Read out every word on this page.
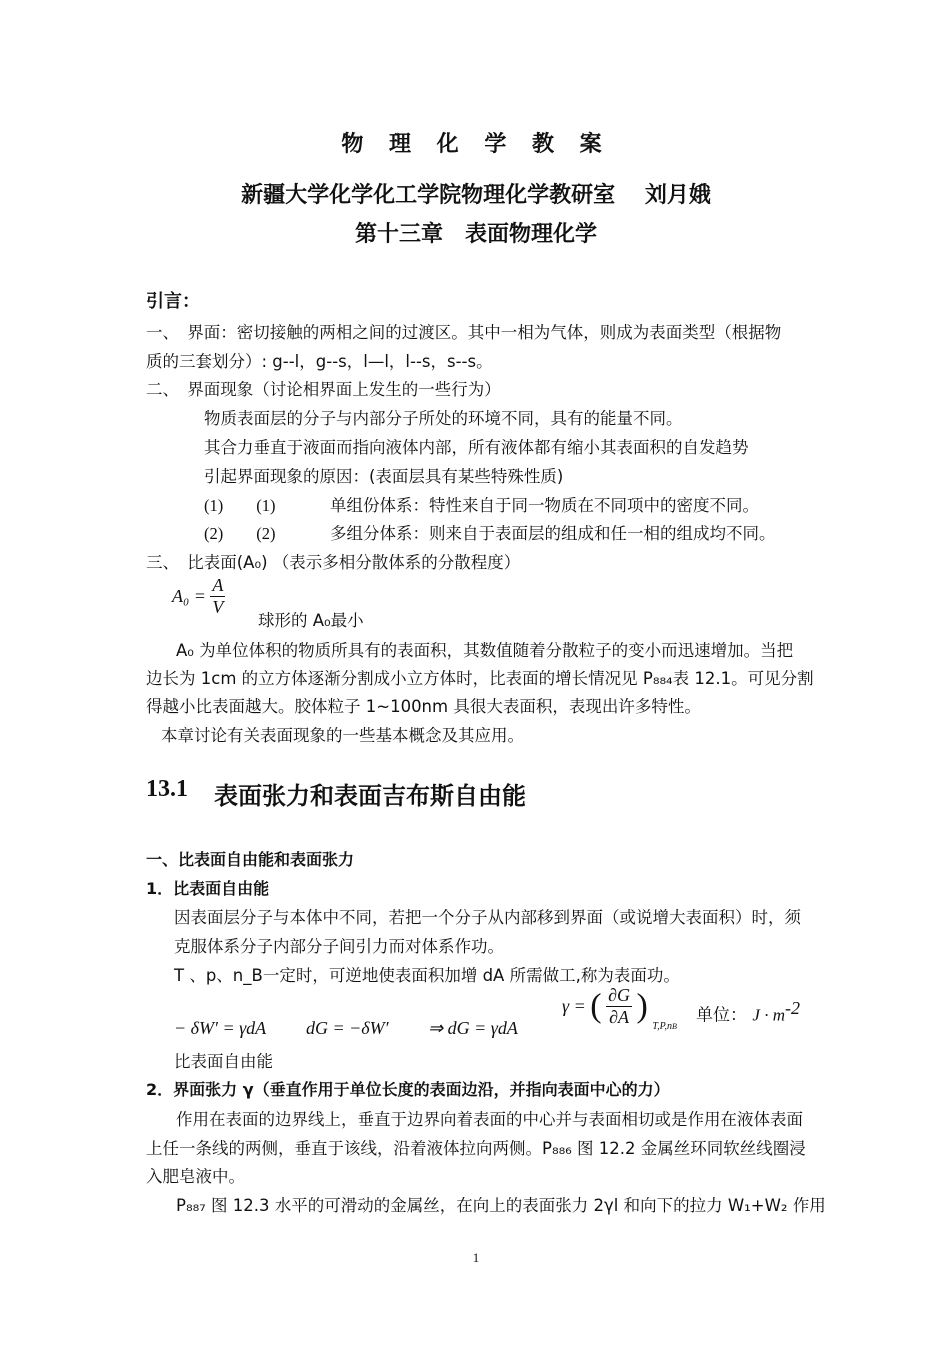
物 理 化 学 教 案
新疆大学化学化工学院物理化学教研室　 刘月娥
第十三章　表面物理化学
引言：
一、　界面：密切接触的两相之间的过渡区。其中一相为气体，则成为表面类型（根据物
质的三套划分）: g--l，g--s，l—l，l--s，s--s。
二、　界面现象（讨论相界面上发生的一些行为）
物质表面层的分子与内部分子所处的环境不同，具有的能量不同。
其合力垂直于液面而指向液体内部，所有液体都有缩小其表面积的自发趋势
引起界面现象的原因：(表面层具有某些特殊性质)
(1)　　(1)	单组份体系：特性来自于同一物质在不同项中的密度不同。
(2)　　(2)	多组分体系：则来自于表面层的组成和任一相的组成均不同。
三、　比表面(A₀) （表示多相分散体系的分散程度）
$A_0 = \frac{A}{V}$
球形的 A₀最小
A₀ 为单位体积的物质所具有的表面积，其数值随着分散粒子的变小而迅速增加。当把
边长为 1cm 的立方体逐渐分割成小立方体时，比表面的增长情况见 P₈₈₄表 12.1。可见分割
得越小比表面越大。胶体粒子 1~100nm 具很大表面积，表现出许多特性。
本章讨论有关表面现象的一些基本概念及其应用。
13.1 表面张力和表面吉布斯自由能
一、比表面自由能和表面张力
1．比表面自由能
因表面层分子与本体中不同，若把一个分子从内部移到界面（或说增大表面积）时，须
克服体系分子内部分子间引力而对体系作功。
T 、p、n_B一定时，可逆地使表面积加增 dA 所需做工,称为表面功。
− δW′ = γdA dG = −δW′ ⇒ dG = γdA
γ = ( $\frac{\partial G}{\partial A}$ ) $_{T,P,nB}$
单位： $J \cdot m^{-2}$
比表面自由能
2．界面张力 γ（垂直作用于单位长度的表面边沿，并指向表面中心的力）
作用在表面的边界线上，垂直于边界向着表面的中心并与表面相切或是作用在液体表面
上任一条线的两侧，垂直于该线，沿着液体拉向两侧。P₈₈₆ 图 12.2 金属丝环同软丝线圈浸
入肥皂液中。
P₈₈₇ 图 12.3 水平的可滑动的金属丝，在向上的表面张力 2γl 和向下的拉力 W₁+W₂ 作用
1
